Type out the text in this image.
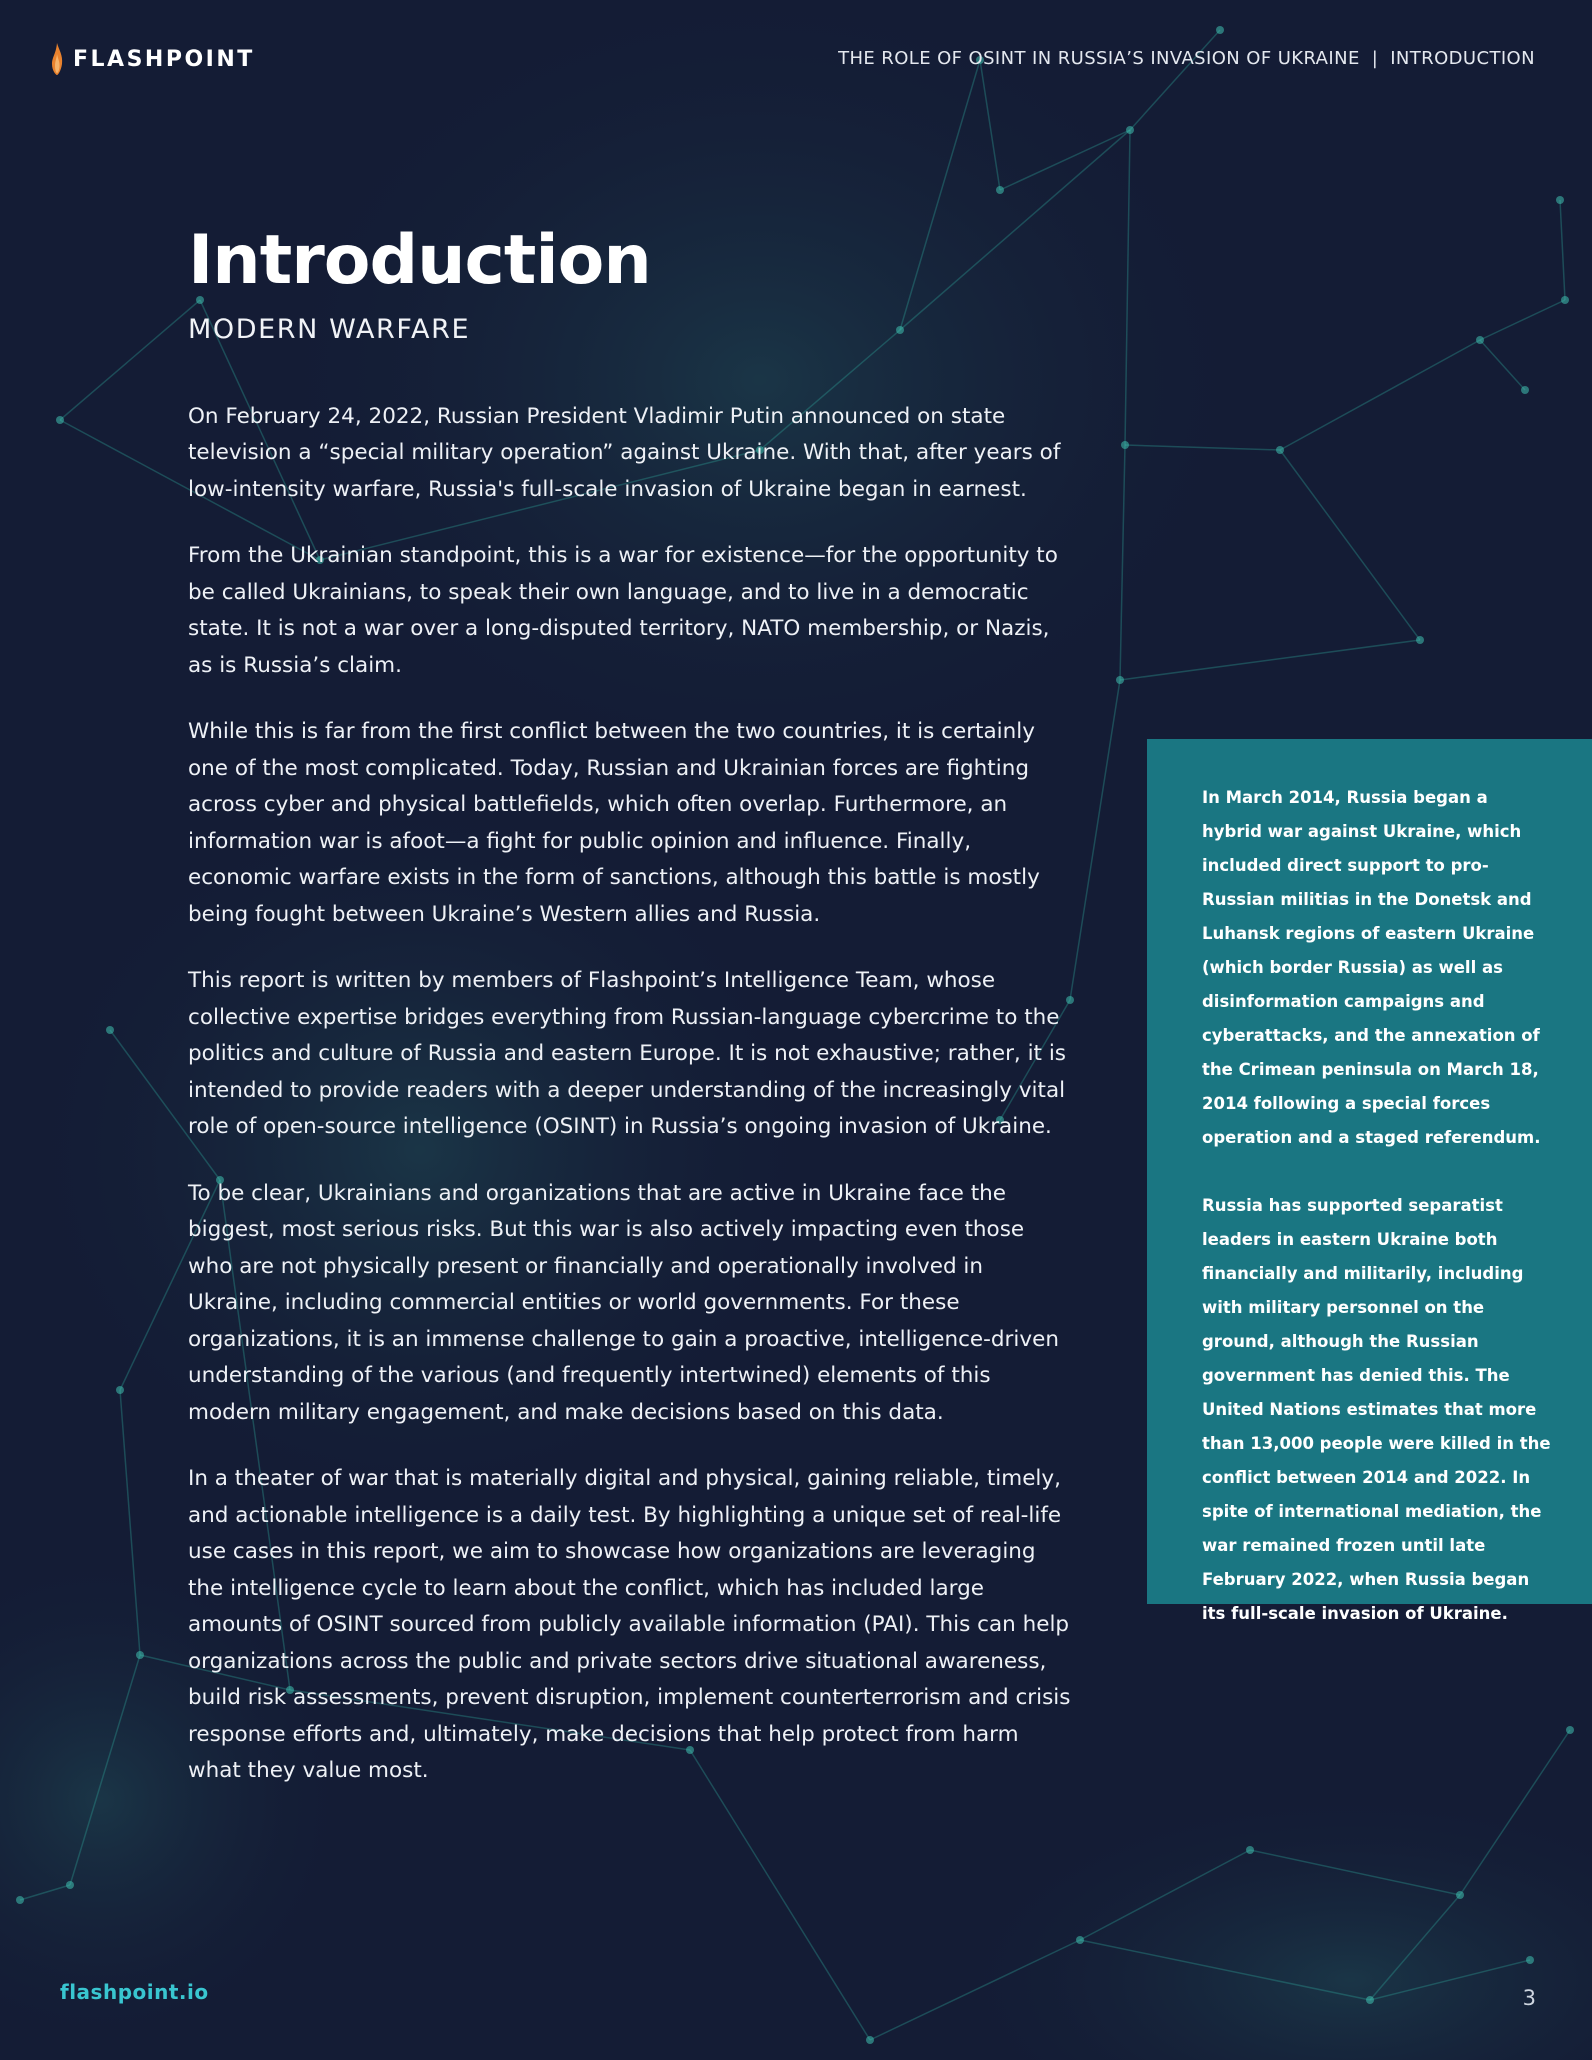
FLASHPOINT	THE ROLE OF OSINT IN RUSSIA’S INVASION OF UKRAINE | INTRODUCTION
Introduction
MODERN WARFARE

On February 24, 2022, Russian President Vladimir Putin announced on state television a “special military operation” against Ukraine. With that, after years of low-intensity warfare, Russia's full-scale invasion of Ukraine began in earnest.

From the Ukrainian standpoint, this is a war for existence—for the opportunity to be called Ukrainians, to speak their own language, and to live in a democratic state. It is not a war over a long-disputed territory, NATO membership, or Nazis, as is Russia’s claim.

While this is far from the first conflict between the two countries, it is certainly one of the most complicated. Today, Russian and Ukrainian forces are fighting across cyber and physical battlefields, which often overlap. Furthermore, an information war is afoot—a fight for public opinion and influence. Finally, economic warfare exists in the form of sanctions, although this battle is mostly being fought between Ukraine’s Western allies and Russia.

This report is written by members of Flashpoint’s Intelligence Team, whose collective expertise bridges everything from Russian-language cybercrime to the politics and culture of Russia and eastern Europe. It is not exhaustive; rather, it is intended to provide readers with a deeper understanding of the increasingly vital role of open-source intelligence (OSINT) in Russia’s ongoing invasion of Ukraine.

To be clear, Ukrainians and organizations that are active in Ukraine face the biggest, most serious risks. But this war is also actively impacting even those who are not physically present or financially and operationally involved in Ukraine, including commercial entities or world governments. For these organizations, it is an immense challenge to gain a proactive, intelligence-driven understanding of the various (and frequently intertwined) elements of this modern military engagement, and make decisions based on this data.

In a theater of war that is materially digital and physical, gaining reliable, timely, and actionable intelligence is a daily test. By highlighting a unique set of real-life use cases in this report, we aim to showcase how organizations are leveraging the intelligence cycle to learn about the conflict, which has included large amounts of OSINT sourced from publicly available information (PAI). This can help organizations across the public and private sectors drive situational awareness, build risk assessments, prevent disruption, implement counterterrorism and crisis response efforts and, ultimately, make decisions that help protect from harm what they value most.

In March 2014, Russia began a hybrid war against Ukraine, which included direct support to pro-Russian militias in the Donetsk and Luhansk regions of eastern Ukraine (which border Russia) as well as disinformation campaigns and cyberattacks, and the annexation of the Crimean peninsula on March 18, 2014 following a special forces operation and a staged referendum.

Russia has supported separatist leaders in eastern Ukraine both financially and militarily, including with military personnel on the ground, although the Russian government has denied this. The United Nations estimates that more than 13,000 people were killed in the conflict between 2014 and 2022. In spite of international mediation, the war remained frozen until late February 2022, when Russia began its full-scale invasion of Ukraine.

flashpoint.io	3
